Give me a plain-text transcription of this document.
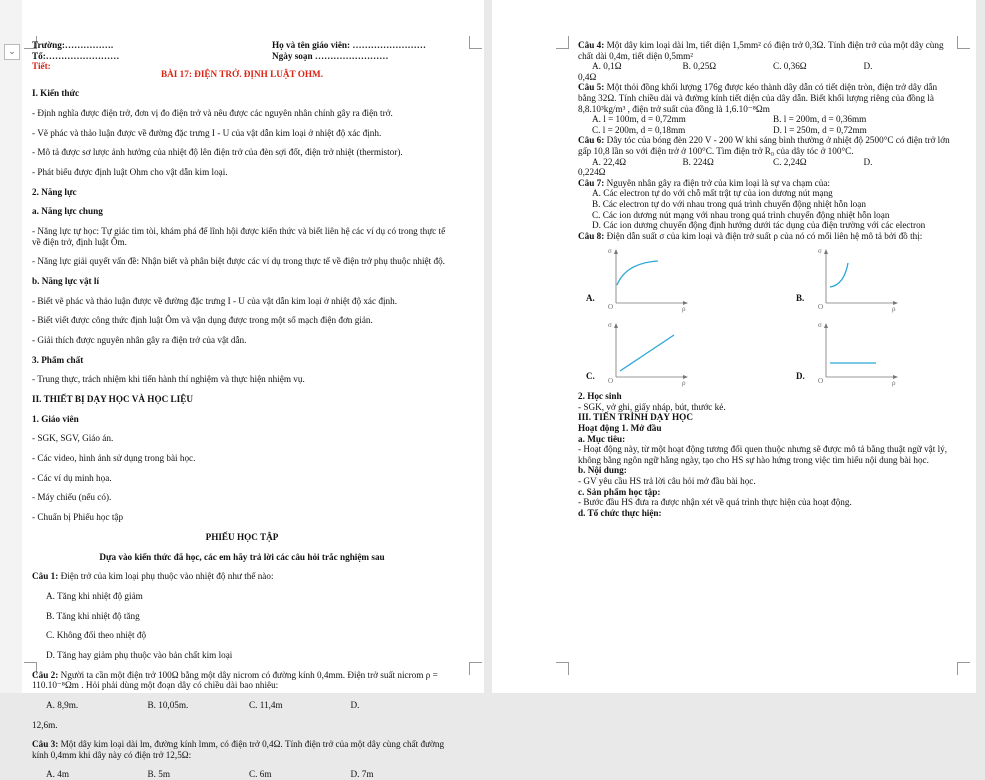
⌄
Trường:…………….	Họ và tên giáo viên: ……………………
Tổ:……………………	Ngày soạn ……………………
Tiết:
BÀI 17: ĐIỆN TRỞ. ĐỊNH LUẬT OHM.

I. Kiến thức

- Định nghĩa được điện trở, đơn vị đo điện trở và nêu được các nguyên nhân chính gây ra điện trở.

- Vẽ phác và thảo luận được về đường đặc trưng I - U của vật dẫn kim loại ở nhiệt độ xác định.

- Mô tả được sơ lược ảnh hưởng của nhiệt độ lên điện trở của đèn sợi đốt, điện trở nhiệt (thermistor).

- Phát biểu được định luật Ohm cho vật dẫn kim loại.

2. Năng lực

a. Năng lực chung

- Năng lực tự học: Tự giác tìm tòi, khám phá để lĩnh hội được kiến thức và biết liên hệ các ví dụ có trong thực tế về điện trở, định luật Ôm.

- Năng lực giải quyết vấn đề: Nhận biết và phân biệt được các ví dụ trong thực tế về điện trở phụ thuộc nhiệt độ.

b. Năng lực vật lí

- Biết vẽ phác và thảo luận được về đường đặc trưng I - U của vật dẫn kim loại ở nhiệt độ xác định.

- Biết viết được công thức định luật Ôm và vận dụng được trong một số mạch điện đơn giản.

- Giải thích được nguyên nhân gây ra điện trở của vật dẫn.

3. Phẩm chất

- Trung thực, trách nhiệm khi tiến hành thí nghiệm và thực hiện nhiệm vụ.

II. THIẾT BỊ DẠY HỌC VÀ HỌC LIỆU

1. Giáo viên

- SGK, SGV, Giáo án.

- Các video, hình ảnh sử dụng trong bài học.

- Các ví dụ minh họa.

- Máy chiếu (nếu có).

- Chuẩn bị Phiếu học tập

PHIẾU HỌC TẬP

Dựa vào kiến thức đã học, các em hãy trả lời các câu hỏi trắc nghiệm sau

Câu 1: Điện trở của kim loại phụ thuộc vào nhiệt độ như thế nào:

A. Tăng khi nhiệt độ giảm

B. Tăng khi nhiệt độ tăng

C. Không đổi theo nhiệt độ

D. Tăng hay giảm phụ thuộc vào bản chất kim loại

Câu 2: Người ta cần một điện trở 100Ω bằng một dây nicrom có đường kính 0,4mm. Điện trở suất nicrom ρ = 110.10⁻⁸Ωm . Hỏi phải dùng một đoạn dây có chiều dài bao nhiêu:

A. 8,9m.	B. 10,05m.	C. 11,4m	D.

12,6m.

Câu 3: Một dây kim loại dài lm, đường kính lmm, có điện trở 0,4Ω. Tính điện trở của một dây cùng chất đường kính 0,4mm khi dây này có điện trở 12,5Ω:

A. 4m	B. 5m	C. 6m	D. 7m

Câu 4: Một dây kim loại dài lm, tiết diện 1,5mm² có điện trở 0,3Ω. Tính điện trở của một dây cùng chất dài 0,4m, tiết diện 0,5mm²

A. 0,1Ω	B. 0,25Ω	C. 0,36Ω	D.

0,4Ω

Câu 5: Một thỏi đồng khối lượng 176g được kéo thành dây dẫn có tiết diện tròn, điện trở dây dẫn bằng 32Ω. Tính chiều dài và đường kính tiết diện của dây dẫn. Biết khối lượng riêng của đồng là 8,8.10³kg/m³ , điện trở suất của đồng là 1,6.10⁻⁸Ωm

A. l = 100m, d = 0,72mm	B. l = 200m, d = 0,36mm
C. l = 200m, d = 0,18mm	D. l = 250m, d = 0,72mm

Câu 6: Dây tóc của bóng đèn 220 V - 200 W khi sáng bình thường ở nhiệt độ 2500°C có điện trở lớn gấp 10,8 lần so với điện trở ở 100°C. Tìm điện trở R₀ của dây tóc ở 100°C.

A. 22,4Ω	B. 224Ω	C. 2,24Ω	D.

0,224Ω

Câu 7: Nguyên nhân gây ra điện trở của kim loại là sự va chạm của:

A. Các electron tự do với chỗ mất trật tự của ion dương nút mạng

B. Các electron tự do với nhau trong quá trình chuyển động nhiệt hỗn loạn

C. Các ion dương nút mạng với nhau trong quá trình chuyển động nhiệt hỗn loạn

D. Các ion dương chuyển động định hướng dưới tác dụng của điện trường với các electron

Câu 8: Điện dẫn suất σ của kim loại và điện trở suất ρ của nó có mối liên hệ mô tả bởi đồ thị:

σ
O	ρ
A.
σ
O	ρ
B.
σ
O	ρ
C.
σ
O	ρ
D.

2. Học sinh

- SGK, vở ghi, giấy nháp, bút, thước kẻ.

III. TIẾN TRÌNH DẠY HỌC

Hoạt động 1. Mở đầu

a. Mục tiêu:

- Hoạt động này, từ một hoạt động tương đối quen thuộc nhưng sẽ được mô tả bằng thuật ngữ vật lý, không bằng ngôn ngữ hằng ngày, tạo cho HS sự hào hứng trong việc tìm hiểu nội dung bài học.

b. Nội dung:

- GV yêu cầu HS trả lời câu hỏi mở đầu bài học.

c. Sản phẩm học tập:

- Bước đầu HS đưa ra được nhận xét về quá trình thực hiện của hoạt động.

d. Tổ chức thực hiện:
